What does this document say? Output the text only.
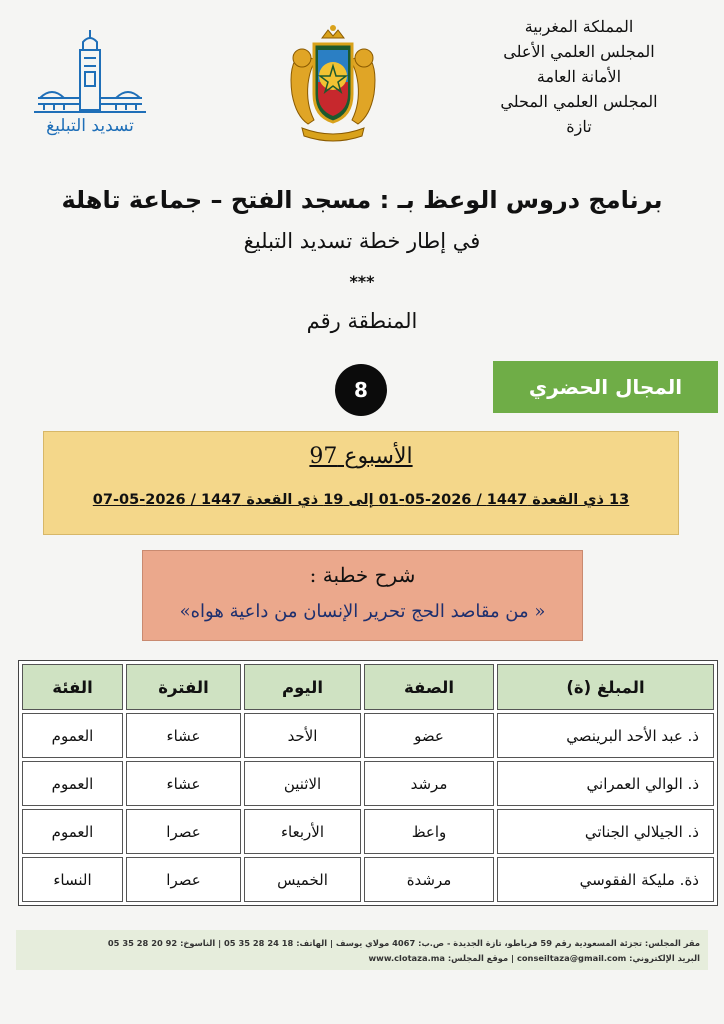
تسديد التبليغ
المملكة المغربية
المجلس العلمي الأعلى
الأمانة العامة
المجلس العلمي المحلي
تازة
برنامج دروس الوعظ بـ : مسجد الفتح – جماعة تاهلة
في إطار خطة تسديد التبليغ
***
المنطقة رقم
8	المجال الحضري
الأسبوع 97
13 ذي القعدة 1447 / 2026-05-01 إلى 19 ذي القعدة 1447 / 2026-05-07
شرح خطبة :
« من مقاصد الحج تحرير الإنسان من داعية هواه»
المبلغ (ة)	الصفة	اليوم	الفترة	الفئة
ذ. عبد الأحد البرينصي	عضو	الأحد	عشاء	العموم
ذ. الوالي العمراني	مرشد	الاثنين	عشاء	العموم
ذ. الجيلالي الجناتي	واعظ	الأربعاء	عصرا	العموم
ذة. مليكة الفقوسي	مرشدة	الخميس	عصرا	النساء
مقر المجلس: تجزئة المسعودية رقم 59 فرباطو، تازة الجديدة - ص.ب: 4067 مولاي يوسف | الهاتف: 18 24 28 35 05 | الناسوخ: 92 20 28 35 05
البريد الإلكتروني: conseiltaza@gmail.com | موقع المجلس: www.clotaza.ma
